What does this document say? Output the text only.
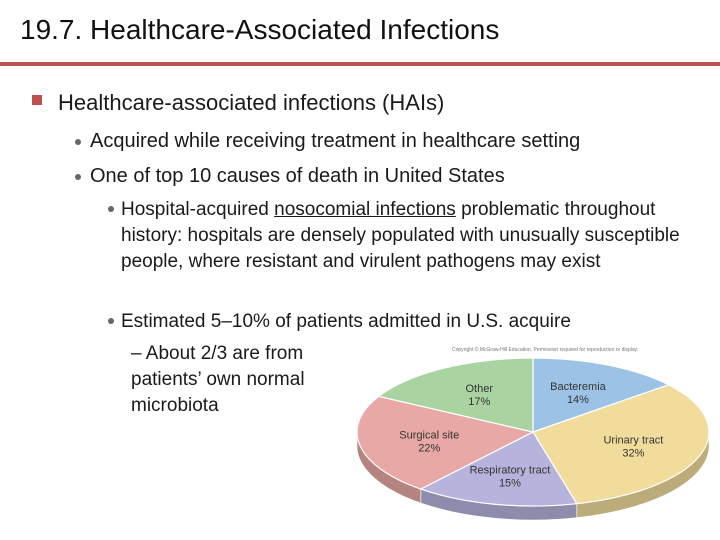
19.7. Healthcare-Associated Infections
Healthcare-associated infections (HAIs)
Acquired while receiving treatment in healthcare setting
One of top 10 causes of death in United States
Hospital-acquired nosocomial infections problematic throughout history: hospitals are densely populated with unusually susceptible people, where resistant and virulent pathogens may exist
Estimated 5–10% of patients admitted in U.S. acquire
– About 2/3 are from patients’ own normal microbiota
Copyright © McGraw-Hill Education. Permission required for reproduction or display.
Bacteremia
14%
Urinary tract
32%
Respiratory tract
15%
Surgical site
22%
Other
17%
